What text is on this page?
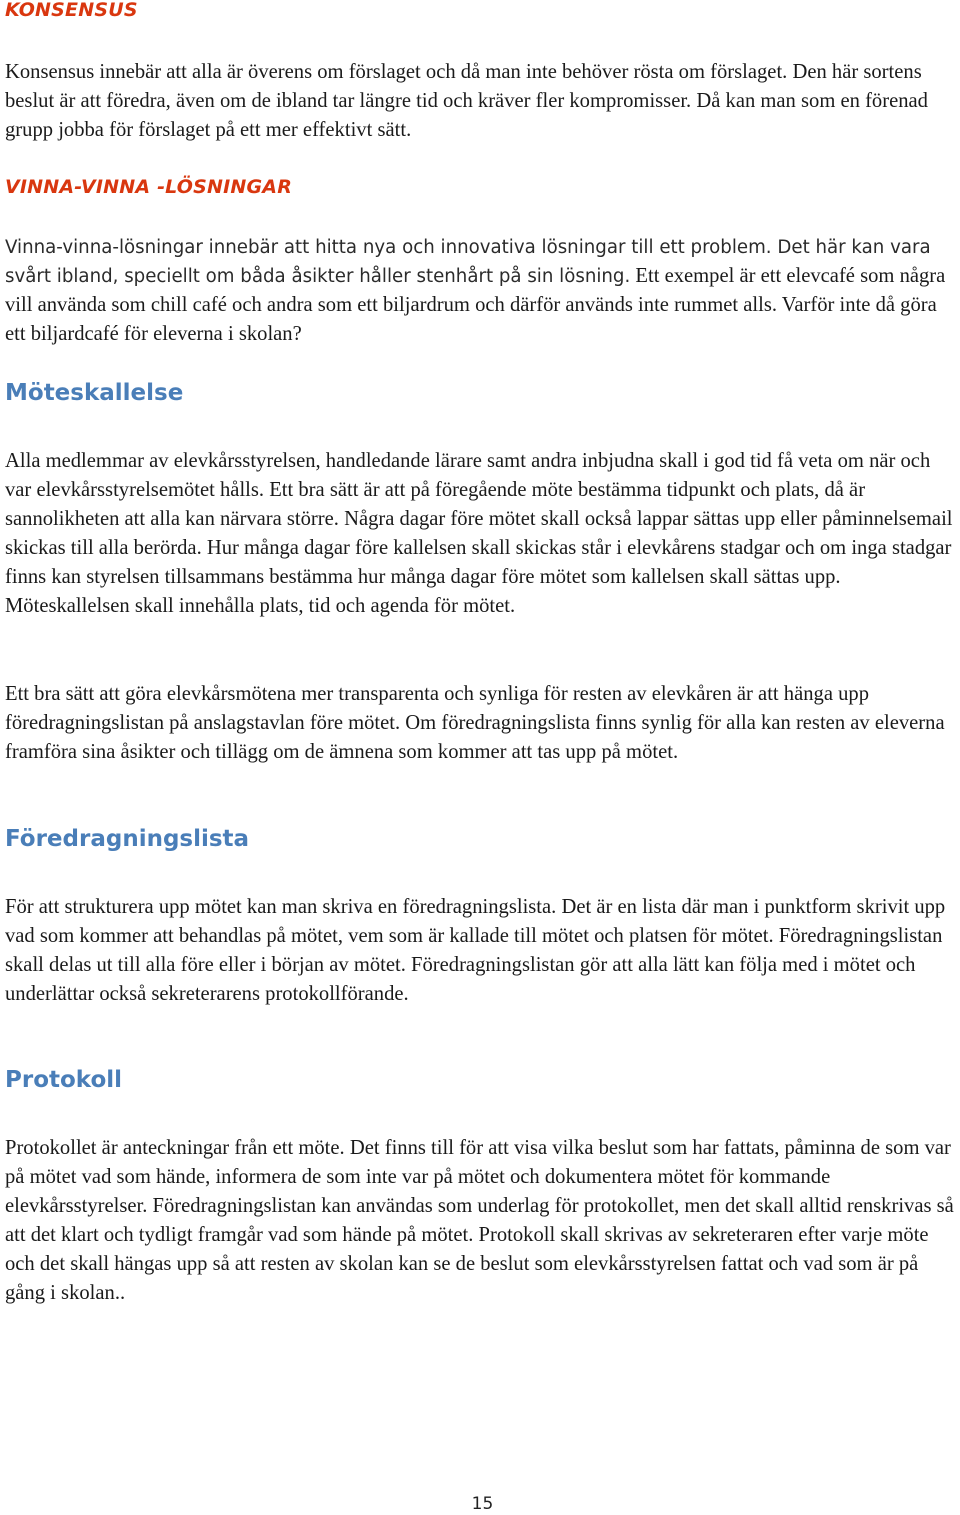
KONSENSUS

Konsensus innebär att alla är överens om förslaget och då man inte behöver rösta om förslaget. Den här sortens beslut är att föredra, även om de ibland tar längre tid och kräver fler kompromisser. Då kan man som en förenad grupp jobba för förslaget på ett mer effektivt sätt.

VINNA-VINNA -LÖSNINGAR

Vinna-vinna-lösningar innebär att hitta nya och innovativa lösningar till ett problem. Det här kan vara svårt ibland, speciellt om båda åsikter håller stenhårt på sin lösning. Ett exempel är ett elevcafé som några vill använda som chill café och andra som ett biljardrum och därför används inte rummet alls. Varför inte då göra ett biljardcafé för eleverna i skolan?

Möteskallelse

Alla medlemmar av elevkårsstyrelsen, handledande lärare samt andra inbjudna skall i god tid få veta om när och var elevkårsstyrelsemötet hålls. Ett bra sätt är att på föregående möte bestämma tidpunkt och plats, då är sannolikheten att alla kan närvara större. Några dagar före mötet skall också lappar sättas upp eller påminnelsemail skickas till alla berörda. Hur många dagar före kallelsen skall skickas står i elevkårens stadgar och om inga stadgar finns kan styrelsen tillsammans bestämma hur många dagar före mötet som kallelsen skall sättas upp. Möteskallelsen skall innehålla plats, tid och agenda för mötet.

Ett bra sätt att göra elevkårsmötena mer transparenta och synliga för resten av elevkåren är att hänga upp föredragningslistan på anslagstavlan före mötet. Om föredragningslista finns synlig för alla kan resten av eleverna framföra sina åsikter och tillägg om de ämnena som kommer att tas upp på mötet.

Föredragningslista

För att strukturera upp mötet kan man skriva en föredragningslista. Det är en lista där man i punktform skrivit upp vad som kommer att behandlas på mötet, vem som är kallade till mötet och platsen för mötet. Föredragningslistan skall delas ut till alla före eller i början av mötet. Föredragningslistan gör att alla lätt kan följa med i mötet och underlättar också sekreterarens protokollförande.

Protokoll

Protokollet är anteckningar från ett möte. Det finns till för att visa vilka beslut som har fattats, påminna de som var på mötet vad som hände, informera de som inte var på mötet och dokumentera mötet för kommande elevkårsstyrelser. Föredragningslistan kan användas som underlag för protokollet, men det skall alltid renskrivas så att det klart och tydligt framgår vad som hände på mötet. Protokoll skall skrivas av sekreteraren efter varje möte och det skall hängas upp så att resten av skolan kan se de beslut som elevkårsstyrelsen fattat och vad som är på gång i skolan..

15
